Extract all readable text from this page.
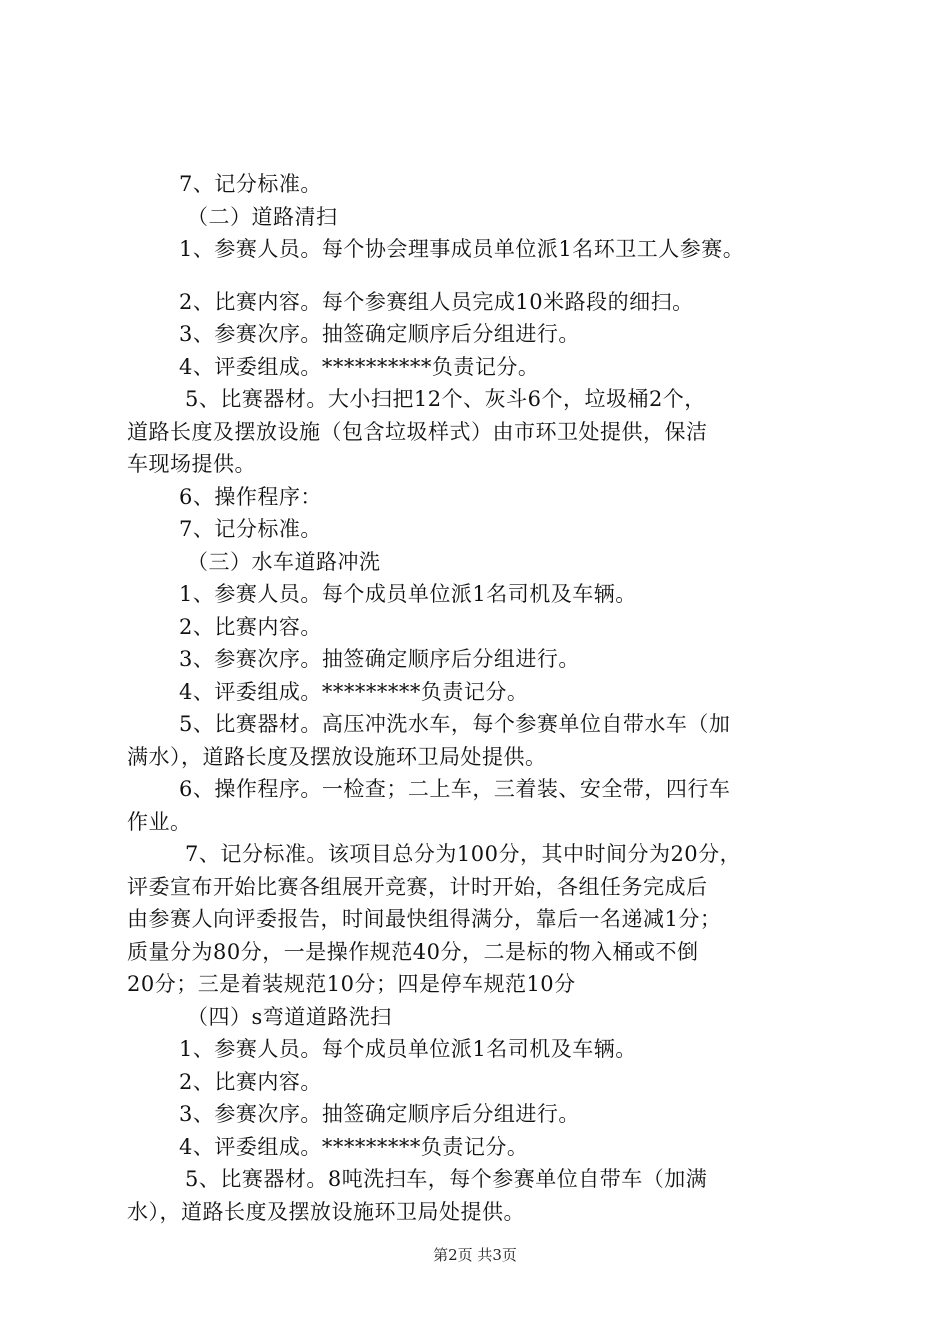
7、记分标准。

（二）道路清扫

1、参赛人员。每个协会理事成员单位派1名环卫工人参赛。

2、比赛内容。每个参赛组人员完成10米路段的细扫。

3、参赛次序。抽签确定顺序后分组进行。

4、评委组成。**********负责记分。

5、比赛器材。大小扫把12个、灰斗6个，垃圾桶2个，

道路长度及摆放设施（包含垃圾样式）由市环卫处提供，保洁

车现场提供。

6、操作程序：

7、记分标准。

（三）水车道路冲洗

1、参赛人员。每个成员单位派1名司机及车辆。

2、比赛内容。

3、参赛次序。抽签确定顺序后分组进行。

4、评委组成。*********负责记分。

5、比赛器材。高压冲洗水车，每个参赛单位自带水车（加

满水），道路长度及摆放设施环卫局处提供。

6、操作程序。一检查；二上车，三着装、安全带，四行车

作业。

7、记分标准。该项目总分为100分，其中时间分为20分，

评委宣布开始比赛各组展开竞赛，计时开始，各组任务完成后

由参赛人向评委报告，时间最快组得满分，靠后一名递减1分；

质量分为80分，一是操作规范40分，二是标的物入桶或不倒

20分；三是着装规范10分；四是停车规范10分

（四）s弯道道路洗扫

1、参赛人员。每个成员单位派1名司机及车辆。

2、比赛内容。

3、参赛次序。抽签确定顺序后分组进行。

4、评委组成。*********负责记分。

5、比赛器材。8吨洗扫车，每个参赛单位自带车（加满

水），道路长度及摆放设施环卫局处提供。

第2页 共3页
